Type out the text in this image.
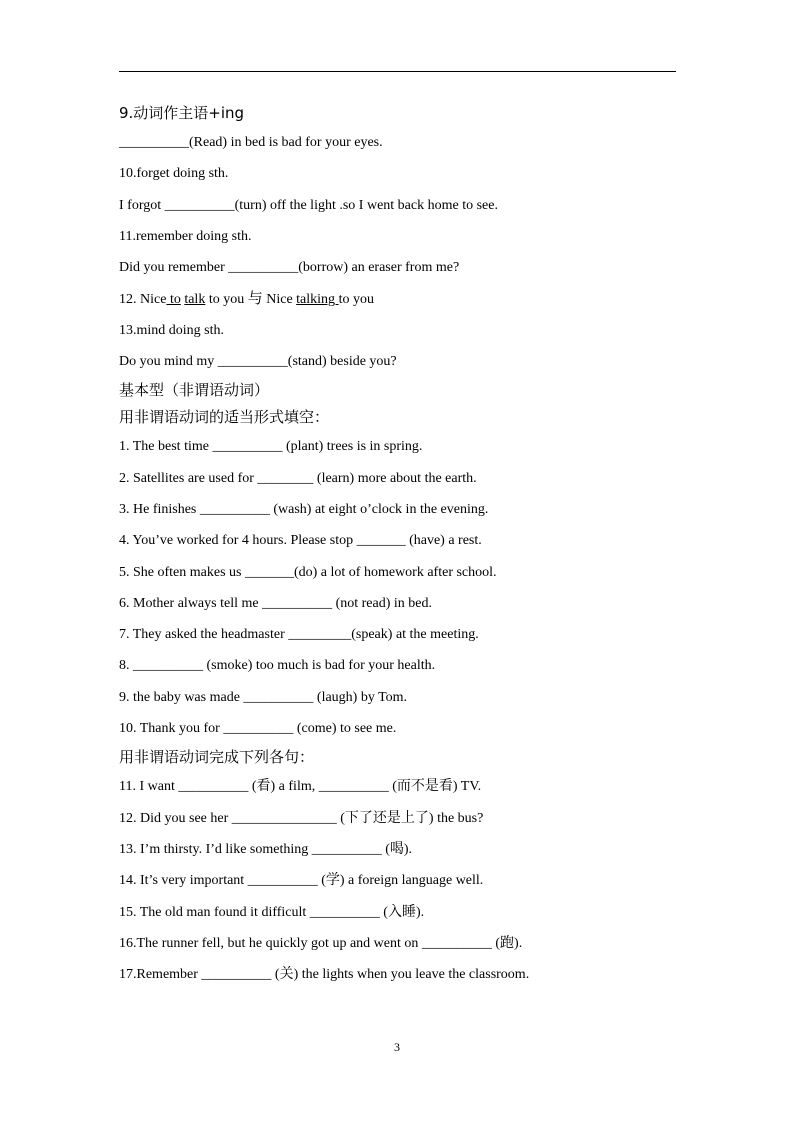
9.动词作主语+ing
__________(Read) in bed is bad for your eyes.
10.forget doing sth.
I forgot __________(turn) off the light .so I went back home to see.
11.remember doing sth.
Did you remember __________(borrow) an eraser from me?
12. Nice to talk to you 与 Nice talking to you
13.mind doing sth.
Do you mind my __________(stand) beside you?
基本型（非谓语动词）
用非谓语动词的适当形式填空：
1. The best time __________ (plant) trees is in spring.
2. Satellites are used for ________ (learn) more about the earth.
3. He finishes __________ (wash) at eight o’clock in the evening.
4. You’ve worked for 4 hours. Please stop _______ (have) a rest.
5. She often makes us _______(do) a lot of homework after school.
6. Mother always tell me __________ (not read) in bed.
7. They asked the headmaster _________(speak) at the meeting.
8. __________ (smoke) too much is bad for your health.
9. the baby was made __________ (laugh) by Tom.
10. Thank you for __________ (come) to see me.
用非谓语动词完成下列各句：
11. I want __________ (看) a film, __________ (而不是看) TV.
12. Did you see her _______________ (下了还是上了) the bus?
13. I’m thirsty. I’d like something __________ (喝).
14. It’s very important __________ (学) a foreign language well.
15. The old man found it difficult __________ (入睡).
16.The runner fell, but he quickly got up and went on __________ (跑).
17.Remember __________ (关) the lights when you leave the classroom.
3
